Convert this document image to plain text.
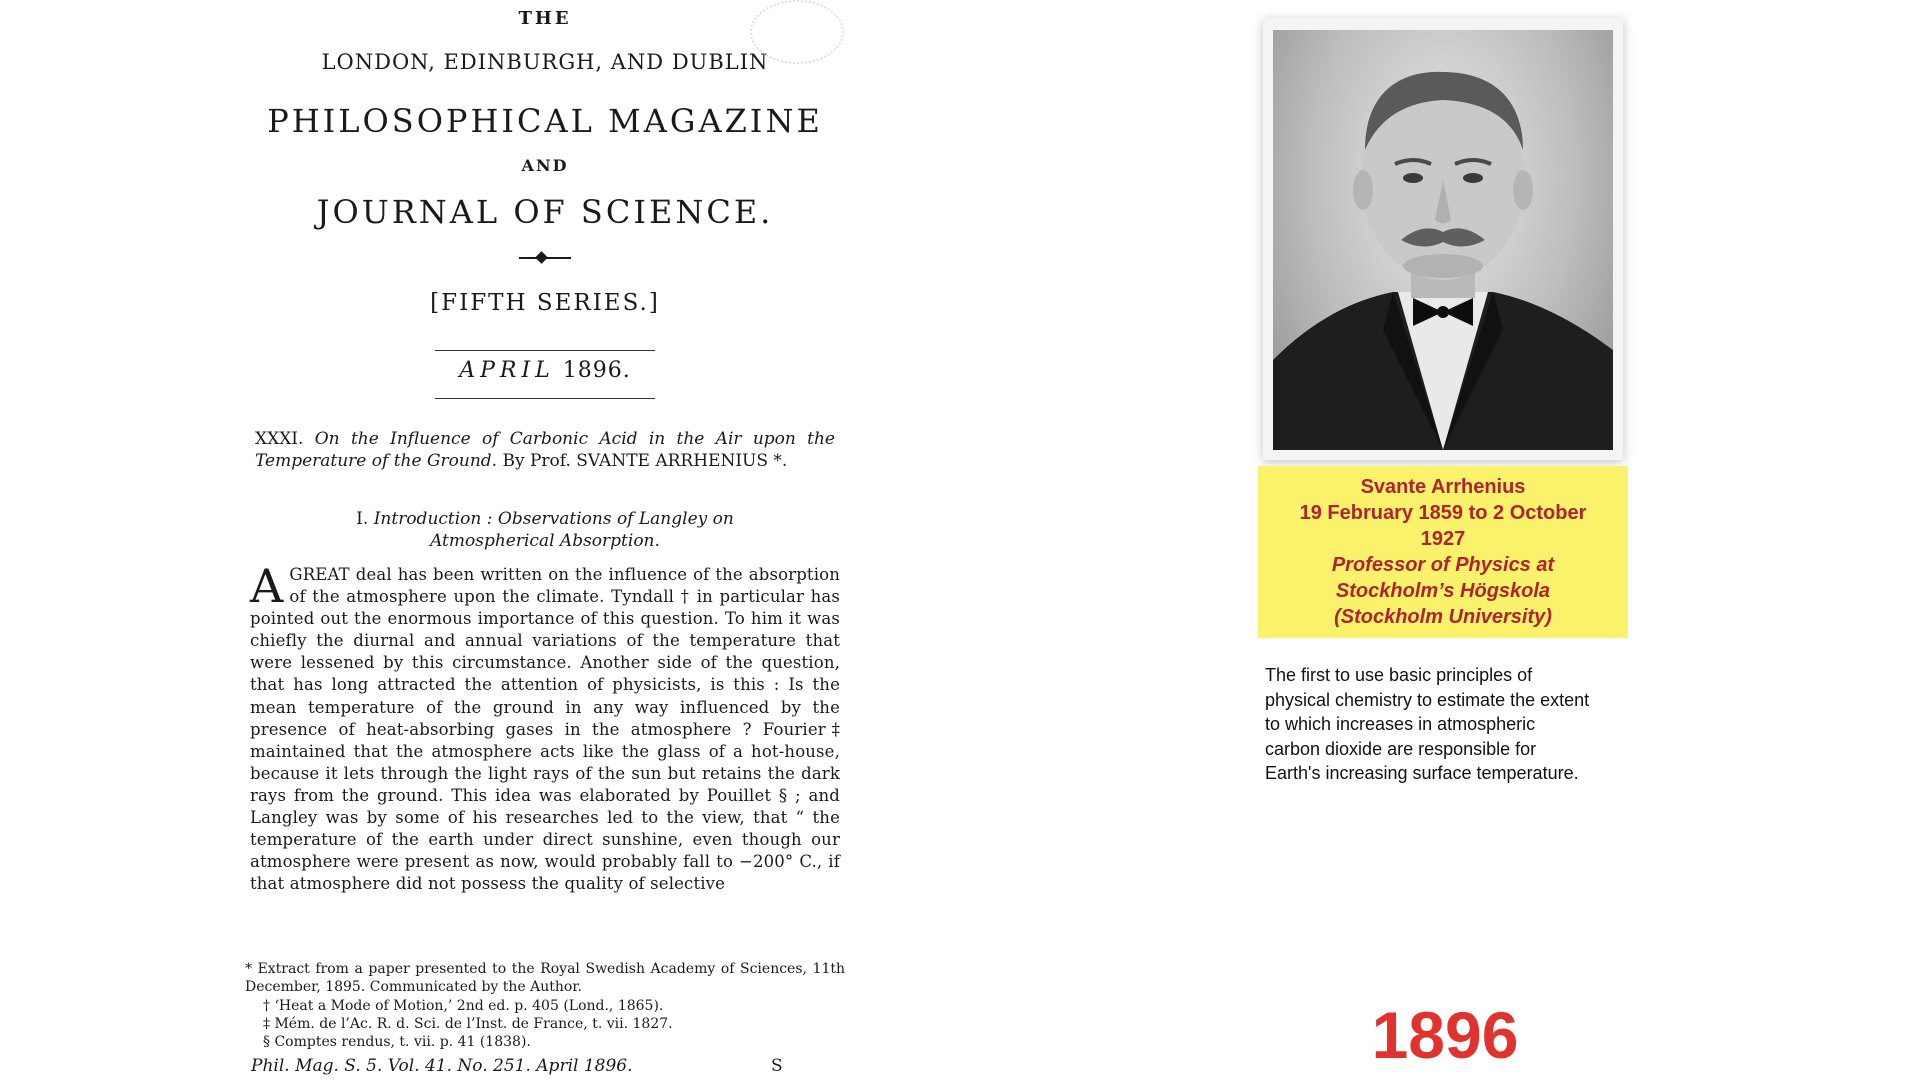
THE
LONDON, EDINBURGH, AND DUBLIN
PHILOSOPHICAL MAGAZINE
AND
JOURNAL OF SCIENCE.
[FIFTH SERIES.]
APRIL 1896.
XXXI. On the Influence of Carbonic Acid in the Air upon the Temperature of the Ground. By Prof. SVANTE ARRHENIUS *.
I. Introduction : Observations of Langley on Atmospherical Absorption.
A GREAT deal has been written on the influence of the absorption of the atmosphere upon the climate. Tyndall † in particular has pointed out the enormous importance of this question. To him it was chiefly the diurnal and annual variations of the temperature that were lessened by this circumstance. Another side of the question, that has long attracted the attention of physicists, is this : Is the mean temperature of the ground in any way influenced by the presence of heat-absorbing gases in the atmosphere ? Fourier‡ maintained that the atmosphere acts like the glass of a hot-house, because it lets through the light rays of the sun but retains the dark rays from the ground. This idea was elaborated by Pouillet § ; and Langley was by some of his researches led to the view, that “ the temperature of the earth under direct sunshine, even though our atmosphere were present as now, would probably fall to −200° C., if that atmosphere did not possess the quality of selective
* Extract from a paper presented to the Royal Swedish Academy of Sciences, 11th December, 1895. Communicated by the Author.
† ‘Heat a Mode of Motion,’ 2nd ed. p. 405 (Lond., 1865).
‡ Mém. de l’Ac. R. d. Sci. de l’Inst. de France, t. vii. 1827.
§ Comptes rendus, t. vii. p. 41 (1838).
Phil. Mag. S. 5. Vol. 41. No. 251. April 1896.	S
Svante Arrhenius
19 February 1859 to 2 October
1927
Professor of Physics at
Stockholm’s Högskola
(Stockholm University)
The first to use basic principles of physical chemistry to estimate the extent to which increases in atmospheric carbon dioxide are responsible for Earth's increasing surface temperature.
1896
